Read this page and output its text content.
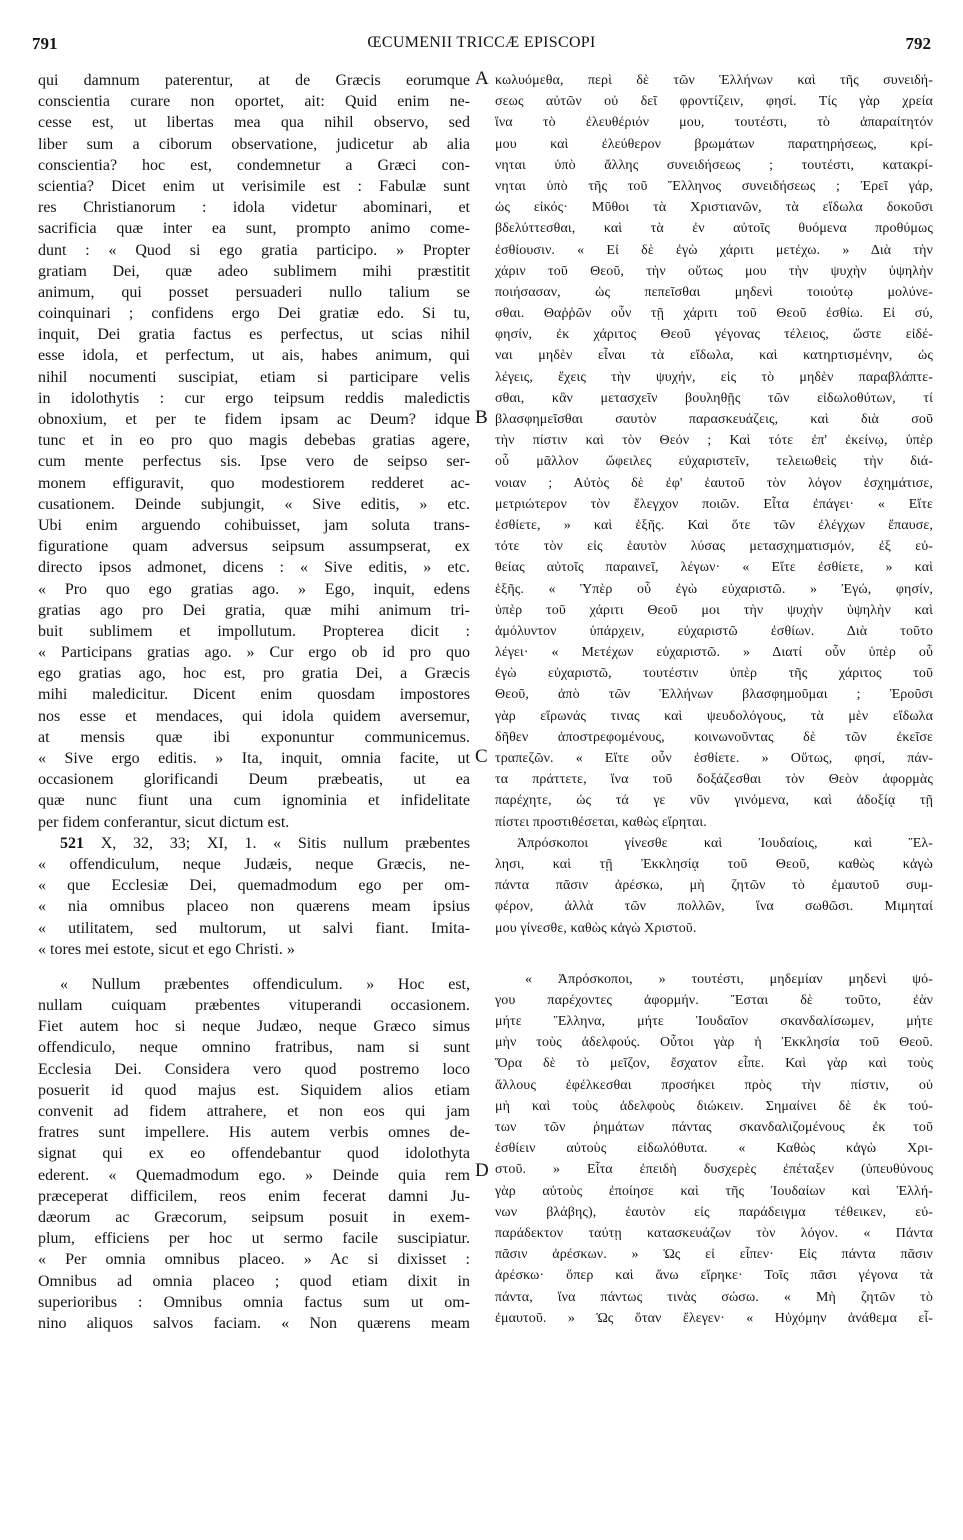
791	ŒCUMENII TRICCÆ EPISCOPI	792
A
B
C
D
qui damnum paterentur, at de Græcis eorumque
conscientia curare non oportet, ait: Quid enim ne-
cesse est, ut libertas mea qua nihil observo, sed
liber sum a ciborum observatione, judicetur ab alia
conscientia? hoc est, condemnetur a Græci con-
scientia? Dicet enim ut verisimile est : Fabulæ sunt
res Christianorum : idola videtur abominari, et
sacrificia quæ inter ea sunt, prompto animo come-
dunt : « Quod si ego gratia participo. » Propter
gratiam Dei, quæ adeo sublimem mihi præstitit
animum, qui posset persuaderi nullo talium se
coinquinari ; confidens ergo Dei gratiæ edo. Si tu,
inquit, Dei gratia factus es perfectus, ut scias nihil
esse idola, et perfectum, ut ais, habes animum, qui
nihil nocumenti suscipiat, etiam si participare velis
in idolothytis : cur ergo teipsum reddis maledictis
obnoxium, et per te fidem ipsam ac Deum? idque
tunc et in eo pro quo magis debebas gratias agere,
cum mente perfectus sis. Ipse vero de seipso ser-
monem effiguravit, quo modestiorem redderet ac-
cusationem. Deinde subjungit, « Sive editis, » etc.
Ubi enim arguendo cohibuisset, jam soluta trans-
figuratione quam adversus seipsum assumpserat, ex
directo ipsos admonet, dicens : « Sive editis, » etc.
« Pro quo ego gratias ago. » Ego, inquit, edens
gratias ago pro Dei gratia, quæ mihi animum tri-
buit sublimem et impollutum. Propterea dicit :
« Participans gratias ago. » Cur ergo ob id pro quo
ego gratias ago, hoc est, pro gratia Dei, a Græcis
mihi maledicitur. Dicent enim quosdam impostores
nos esse et mendaces, qui idola quidem aversemur,
at mensis quæ ibi exponuntur communicemus.
« Sive ergo editis. » Ita, inquit, omnia facite, ut
occasionem glorificandi Deum præbeatis, ut ea
quæ nunc fiunt una cum ignominia et infidelitate
per fidem conferantur, sicut dictum est.
521 X, 32, 33; XI, 1. « Sitis nullum præbentes
« offendiculum, neque Judæis, neque Græcis, ne-
« que Ecclesiæ Dei, quemadmodum ego per om-
« nia omnibus placeo non quærens meam ipsius
« utilitatem, sed multorum, ut salvi fiant. Imita-
« tores mei estote, sicut et ego Christi. »
« Nullum præbentes offendiculum. » Hoc est,
nullam cuiquam præbentes vituperandi occasionem.
Fiet autem hoc si neque Judæo, neque Græco simus
offendiculo, neque omnino fratribus, nam si sunt
Ecclesia Dei. Considera vero quod postremo loco
posuerit id quod majus est. Siquidem alios etiam
convenit ad fidem attrahere, et non eos qui jam
fratres sunt impellere. His autem verbis omnes de-
signat qui ex eo offendebantur quod idolothyta
ederent. « Quemadmodum ego. » Deinde quia rem
præceperat difficilem, reos enim fecerat damni Ju-
dæorum ac Græcorum, seipsum posuit in exem-
plum, efficiens per hoc ut sermo facile suscipiatur.
« Per omnia omnibus placeo. » Ac si dixisset :
Omnibus ad omnia placeo ; quod etiam dixit in
superioribus : Omnibus omnia factus sum ut om-
nino aliquos salvos faciam. « Non quærens meam
κωλυόμεθα, περὶ δὲ τῶν Ἑλλήνων καὶ τῆς συνειδή-
σεως αὐτῶν οὐ δεῖ φροντίζειν, φησί. Τίς γὰρ χρεία
ἵνα τὸ ἐλευθέριόν μου, τουτέστι, τὸ ἀπαραίτητόν
μου καὶ ἐλεύθερον βρωμάτων παρατηρήσεως, κρί-
νηται ὑπὸ ἄλλης συνειδήσεως ; τουτέστι, κατακρί-
νηται ὑπὸ τῆς τοῦ Ἕλληνος συνειδήσεως ; Ἐρεῖ γάρ,
ὡς εἰκός· Μῦθοι τὰ Χριστιανῶν, τὰ εἴδωλα δοκοῦσι
βδελύττεσθαι, καὶ τὰ ἐν αὐτοῖς θυόμενα προθύμως
ἐσθίουσιν. « Εἰ δὲ ἐγὼ χάριτι μετέχω. » Διὰ τὴν
χάριν τοῦ Θεοῦ, τὴν οὕτως μου τὴν ψυχὴν ὑψηλὴν
ποιήσασαν, ὡς πεπεῖσθαι μηδενὶ τοιούτῳ μολύνε-
σθαι. Θαῤῥῶν οὖν τῇ χάριτι τοῦ Θεοῦ ἐσθίω. Εἰ σύ,
φησίν, ἐκ χάριτος Θεοῦ γέγονας τέλειος, ὥστε εἰδέ-
ναι μηδὲν εἶναι τὰ εἴδωλα, καὶ κατηρτισμένην, ὡς
λέγεις, ἔχεις τὴν ψυχήν, εἰς τὸ μηδὲν παραβλάπτε-
σθαι, κἂν μετασχεῖν βουληθῇς τῶν εἰδωλοθύτων, τί
βλασφημεῖσθαι σαυτὸν παρασκευάζεις, καὶ διὰ σοῦ
τὴν πίστιν καὶ τὸν Θεόν ; Καὶ τότε ἐπ' ἐκείνῳ, ὑπὲρ
οὗ μᾶλλον ὤφειλες εὐχαριστεῖν, τελειωθεὶς τὴν διά-
νοιαν ; Αὐτὸς δὲ ἐφ' ἑαυτοῦ τὸν λόγον ἐσχημάτισε,
μετριώτερον τὸν ἔλεγχον ποιῶν. Εἶτα ἐπάγει· « Εἴτε
ἐσθίετε, » καὶ ἑξῆς. Καὶ ὅτε τῶν ἐλέγχων ἔπαυσε,
τότε τὸν εἰς ἑαυτὸν λύσας μετασχηματισμόν, ἐξ εὐ-
θείας αὐτοῖς παραινεῖ, λέγων· « Εἴτε ἐσθίετε, » καὶ
ἑξῆς. « Ὑπὲρ οὗ ἐγὼ εὐχαριστῶ. » Ἐγώ, φησίν,
ὑπὲρ τοῦ χάριτι Θεοῦ μοι τὴν ψυχὴν ὑψηλὴν καὶ
ἀμόλυντον ὑπάρχειν, εὐχαριστῶ ἐσθίων. Διὰ τοῦτο
λέγει· « Μετέχων εὐχαριστῶ. » Διατί οὖν ὑπὲρ οὗ
ἐγὼ εὐχαριστῶ, τουτέστιν ὑπὲρ τῆς χάριτος τοῦ
Θεοῦ, ἀπὸ τῶν Ἑλλήνων βλασφημοῦμαι ; Ἐροῦσι
γὰρ εἴρωνάς τινας καὶ ψευδολόγους, τὰ μὲν εἴδωλα
δῆθεν ἀποστρεφομένους, κοινωνοῦντας δὲ τῶν ἐκεῖσε
τραπεζῶν. « Εἴτε οὖν ἐσθίετε. » Οὕτως, φησί, πάν-
τα πράττετε, ἵνα τοῦ δοξάζεσθαι τὸν Θεὸν ἀφορμὰς
παρέχητε, ὡς τά γε νῦν γινόμενα, καὶ ἀδοξίᾳ τῇ
πίστει προστιθέσεται, καθὼς εἴρηται.
Ἀπρόσκοποι γίνεσθε καὶ Ἰουδαίοις, καὶ Ἕλ-
λησι, καὶ τῇ Ἐκκλησίᾳ τοῦ Θεοῦ, καθὼς κἀγὼ
πάντα πᾶσιν ἀρέσκω, μὴ ζητῶν τὸ ἐμαυτοῦ συμ-
φέρον, ἀλλὰ τῶν πολλῶν, ἵνα σωθῶσι. Μιμηταί
μου γίνεσθε, καθὼς κἀγὼ Χριστοῦ.
« Ἀπρόσκοποι, » τουτέστι, μηδεμίαν μηδενὶ ψό-
γου παρέχοντες ἀφορμήν. Ἔσται δὲ τοῦτο, ἐὰν
μήτε Ἕλληνα, μήτε Ἰουδαῖον σκανδαλίσωμεν, μήτε
μὴν τοὺς ἀδελφούς. Οὗτοι γὰρ ἡ Ἐκκλησία τοῦ Θεοῦ.
Ὅρα δὲ τὸ μεῖζον, ἔσχατον εἶπε. Καὶ γὰρ καὶ τοὺς
ἄλλους ἐφέλκεσθαι προσήκει πρὸς τὴν πίστιν, οὐ
μὴ καὶ τοὺς ἀδελφοὺς διώκειν. Σημαίνει δὲ ἐκ τού-
των τῶν ῥημάτων πάντας σκανδαλιζομένους ἐκ τοῦ
ἐσθίειν αὐτοὺς εἰδωλόθυτα. « Καθὼς κἀγὼ Χρι-
στοῦ. » Εἶτα ἐπειδὴ δυσχερὲς ἐπέταξεν (ὑπευθύνους
γὰρ αὐτοὺς ἐποίησε καὶ τῆς Ἰουδαίων καὶ Ἑλλή-
νων βλάβης), ἑαυτὸν εἰς παράδειγμα τέθεικεν, εὐ-
παράδεκτον ταύτῃ κατασκευάζων τὸν λόγον. « Πάντα
πᾶσιν ἀρέσκων. » Ὡς εἰ εἶπεν· Εἰς πάντα πᾶσιν
ἀρέσκω· ὅπερ καὶ ἄνω εἴρηκε· Τοῖς πᾶσι γέγονα τὰ
πάντα, ἵνα πάντως τινὰς σώσω. « Μὴ ζητῶν τὸ
ἐμαυτοῦ. » Ὡς ὅταν ἔλεγεν· « Ηὐχόμην ἀνάθεμα εἶ-
